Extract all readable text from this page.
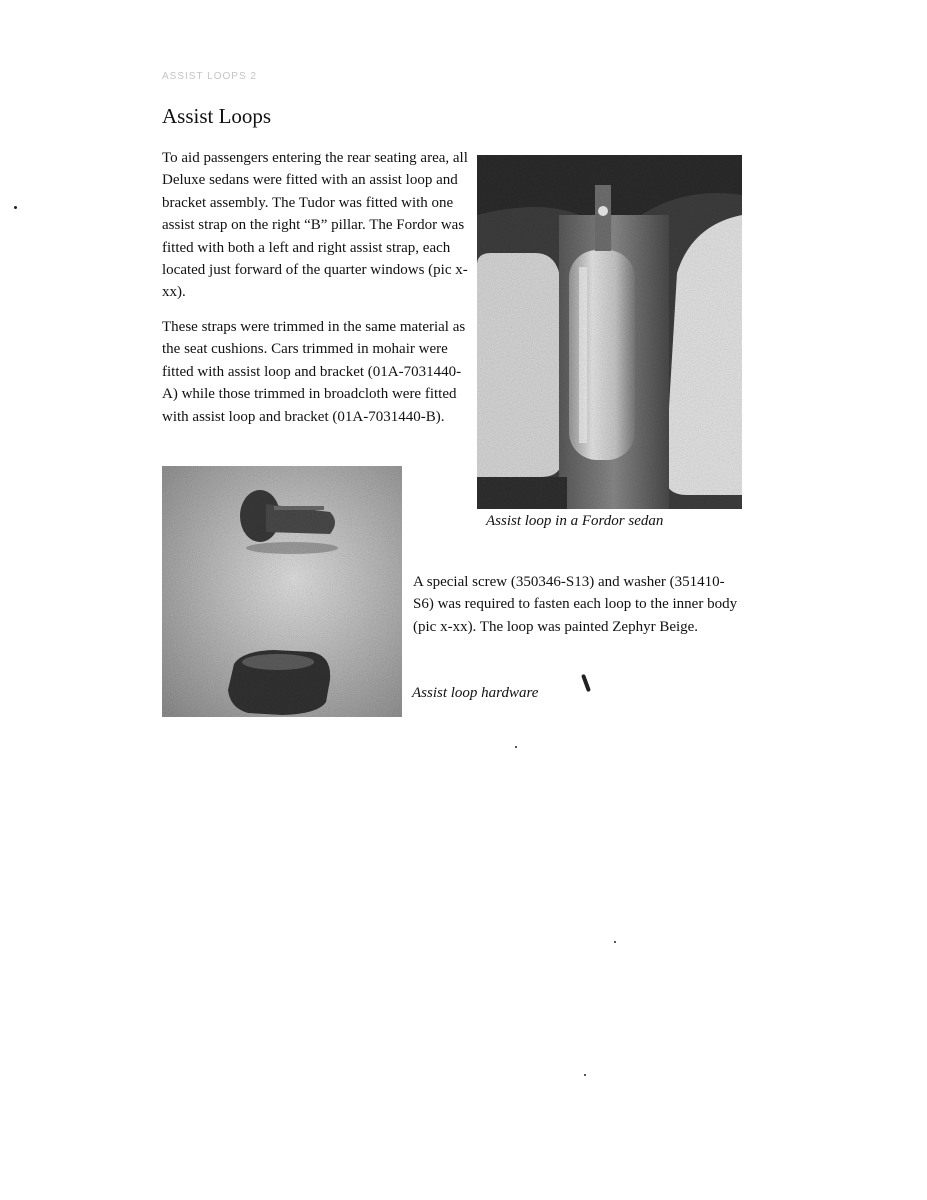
ASSIST LOOPS 2
Assist Loops

To aid passengers entering the rear seating area, all Deluxe sedans were fitted with an assist loop and bracket assembly. The Tudor was fitted with one assist strap on the right “B” pillar. The Fordor was fitted with both a left and right assist strap, each located just forward of the quarter windows (pic x-xx).

These straps were trimmed in the same material as the seat cushions. Cars trimmed in mohair were fitted with assist loop and bracket (01A-7031440-A) while those trimmed in broadcloth were fitted with assist loop and bracket (01A-7031440-B).

Assist loop in a Fordor sedan

A special screw (350346-S13) and washer (351410-S6) was required to fasten each loop to the inner body (pic x-xx). The loop was painted Zephyr Beige.

Assist loop hardware
